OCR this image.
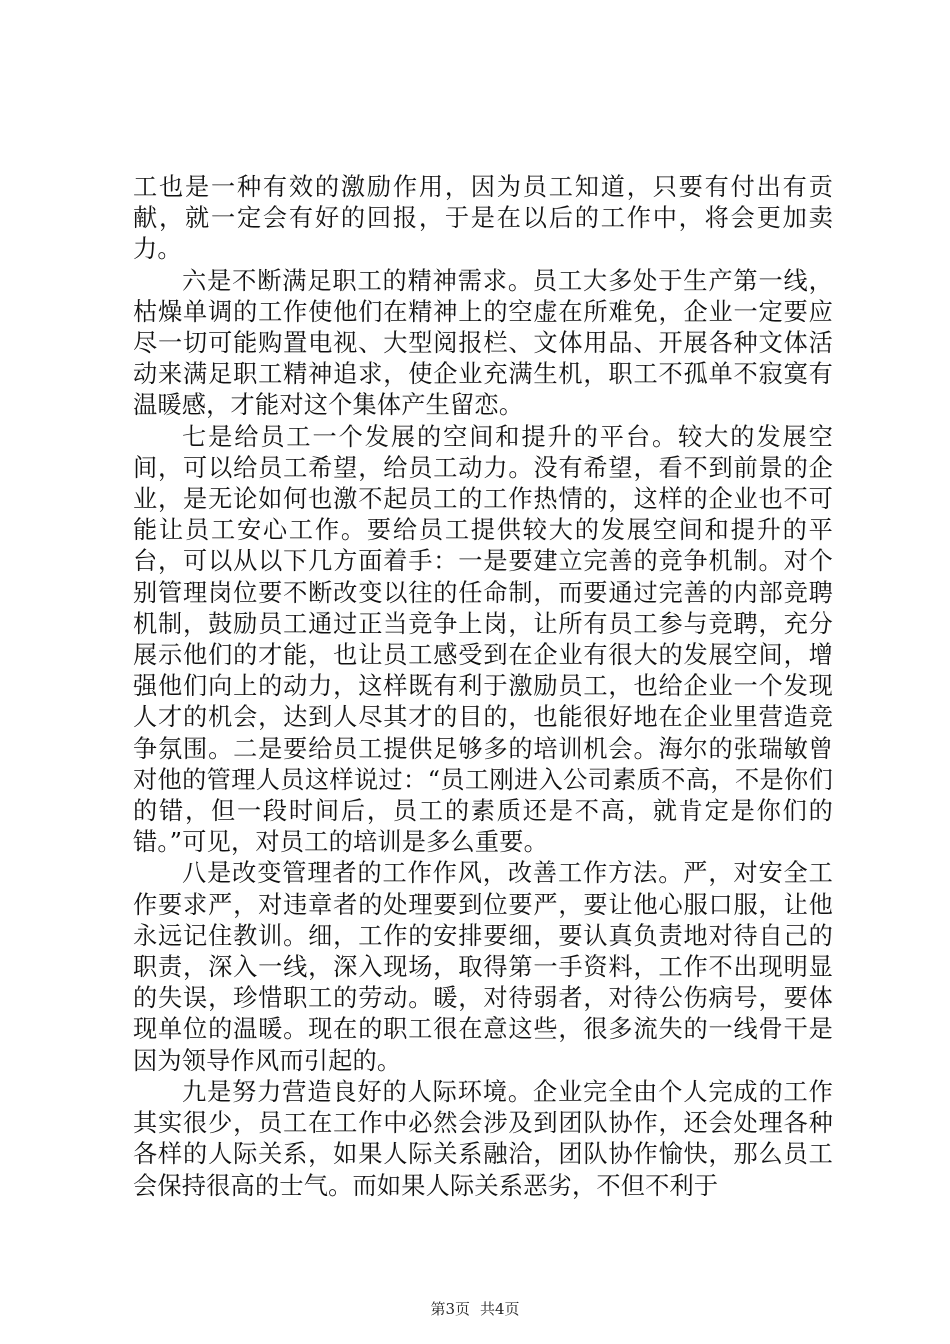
工也是一种有效的激励作用，因为员工知道，只要有付出有贡献，就一定会有好的回报，于是在以后的工作中，将会更加卖力。

六是不断满足职工的精神需求。员工大多处于生产第一线，枯燥单调的工作使他们在精神上的空虚在所难免，企业一定要应尽一切可能购置电视、大型阅报栏、文体用品、开展各种文体活动来满足职工精神追求，使企业充满生机，职工不孤单不寂寞有温暖感，才能对这个集体产生留恋。

七是给员工一个发展的空间和提升的平台。较大的发展空间，可以给员工希望，给员工动力。没有希望，看不到前景的企业，是无论如何也激不起员工的工作热情的，这样的企业也不可能让员工安心工作。要给员工提供较大的发展空间和提升的平台，可以从以下几方面着手：一是要建立完善的竞争机制。对个别管理岗位要不断改变以往的任命制，而要通过完善的内部竞聘机制，鼓励员工通过正当竞争上岗，让所有员工参与竞聘，充分展示他们的才能，也让员工感受到在企业有很大的发展空间，增强他们向上的动力，这样既有利于激励员工，也给企业一个发现人才的机会，达到人尽其才的目的，也能很好地在企业里营造竞争氛围。二是要给员工提供足够多的培训机会。海尔的张瑞敏曾对他的管理人员这样说过：“员工刚进入公司素质不高，不是你们的错，但一段时间后，员工的素质还是不高，就肯定是你们的错。”可见，对员工的培训是多么重要。

八是改变管理者的工作作风，改善工作方法。严，对安全工作要求严，对违章者的处理要到位要严，要让他心服口服，让他永远记住教训。细，工作的安排要细，要认真负责地对待自己的职责，深入一线，深入现场，取得第一手资料，工作不出现明显的失误，珍惜职工的劳动。暖，对待弱者，对待公伤病号，要体现单位的温暖。现在的职工很在意这些，很多流失的一线骨干是因为领导作风而引起的。

九是努力营造良好的人际环境。企业完全由个人完成的工作其实很少，员工在工作中必然会涉及到团队协作，还会处理各种各样的人际关系，如果人际关系融洽，团队协作愉快，那么员工会保持很高的士气。而如果人际关系恶劣，不但不利于

第3页 共4页
